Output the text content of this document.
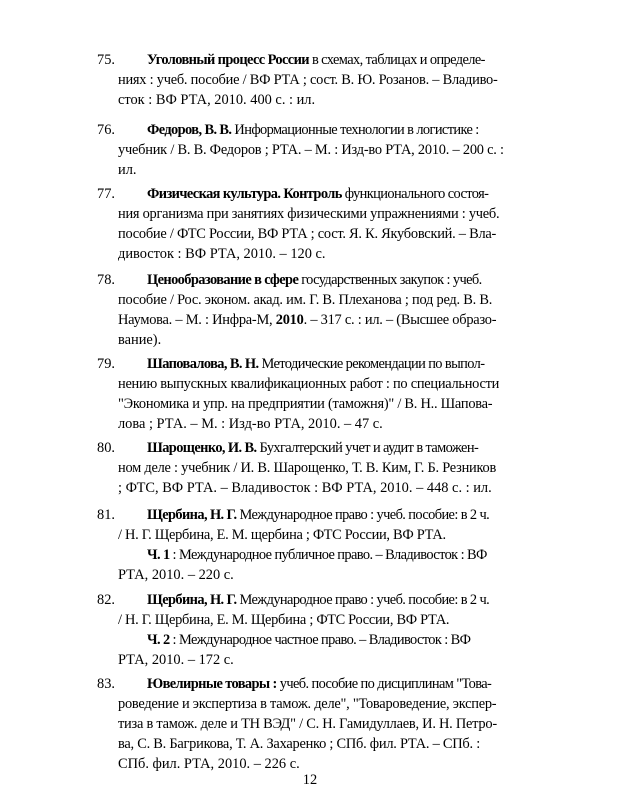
75. Уголовный процесс России в схемах, таблицах и определе-
ниях : учеб. пособие / ВФ РТА ; сост. В. Ю. Розанов. – Владиво-
сток : ВФ РТА, 2010. 400 с. : ил.
76. Федоров, В. В. Информационные технологии в логистике :
учебник / В. В. Федоров ; РТА. – М. : Изд-во РТА, 2010. – 200 с. :
ил.
77. Физическая культура. Контроль функционального состоя-
ния организма при занятиях физическими упражнениями : учеб.
пособие / ФТС России, ВФ РТА ; сост. Я. К. Якубовский. – Вла-
дивосток : ВФ РТА, 2010. – 120 с.
78. Ценообразование в сфере государственных закупок : учеб.
пособие / Рос. эконом. акад. им. Г. В. Плеханова ; под ред. В. В.
Наумова. – М. : Инфра-М, 2010. – 317 с. : ил. – (Высшее образо-
вание).
79. Шаповалова, В. Н. Методические рекомендации по выпол-
нению выпускных квалификационных работ : по специальности
"Экономика и упр. на предприятии (таможня)" / В. Н.. Шапова-
лова ; РТА. – М. : Изд-во РТА, 2010. – 47 с.
80. Шарощенко, И. В. Бухгалтерский учет и аудит в таможен-
ном деле : учебник / И. В. Шарощенко, Т. В. Ким, Г. Б. Резников
; ФТС, ВФ РТА. – Владивосток : ВФ РТА, 2010. – 448 с. : ил.
81. Щербина, Н. Г. Международное право : учеб. пособие: в 2 ч.
/ Н. Г. Щербина, Е. М. щербина ; ФТС России, ВФ РТА.
Ч. 1 : Международное публичное право. – Владивосток : ВФ
РТА, 2010. – 220 с.
82. Щербина, Н. Г. Международное право : учеб. пособие: в 2 ч.
/ Н. Г. Щербина, Е. М. Щербина ; ФТС России, ВФ РТА.
Ч. 2 : Международное частное право. – Владивосток : ВФ
РТА, 2010. – 172 с.
83. Ювелирные товары : учеб. пособие по дисциплинам "Това-
роведение и экспертиза в тамож. деле", "Товароведение, экспер-
тиза в тамож. деле и ТН ВЭД" / С. Н. Гамидуллаев, И. Н. Петро-
ва, С. В. Багрикова, Т. А. Захаренко ; СПб. фил. РТА. – СПб. :
СПб. фил. РТА, 2010. – 226 с.
12
